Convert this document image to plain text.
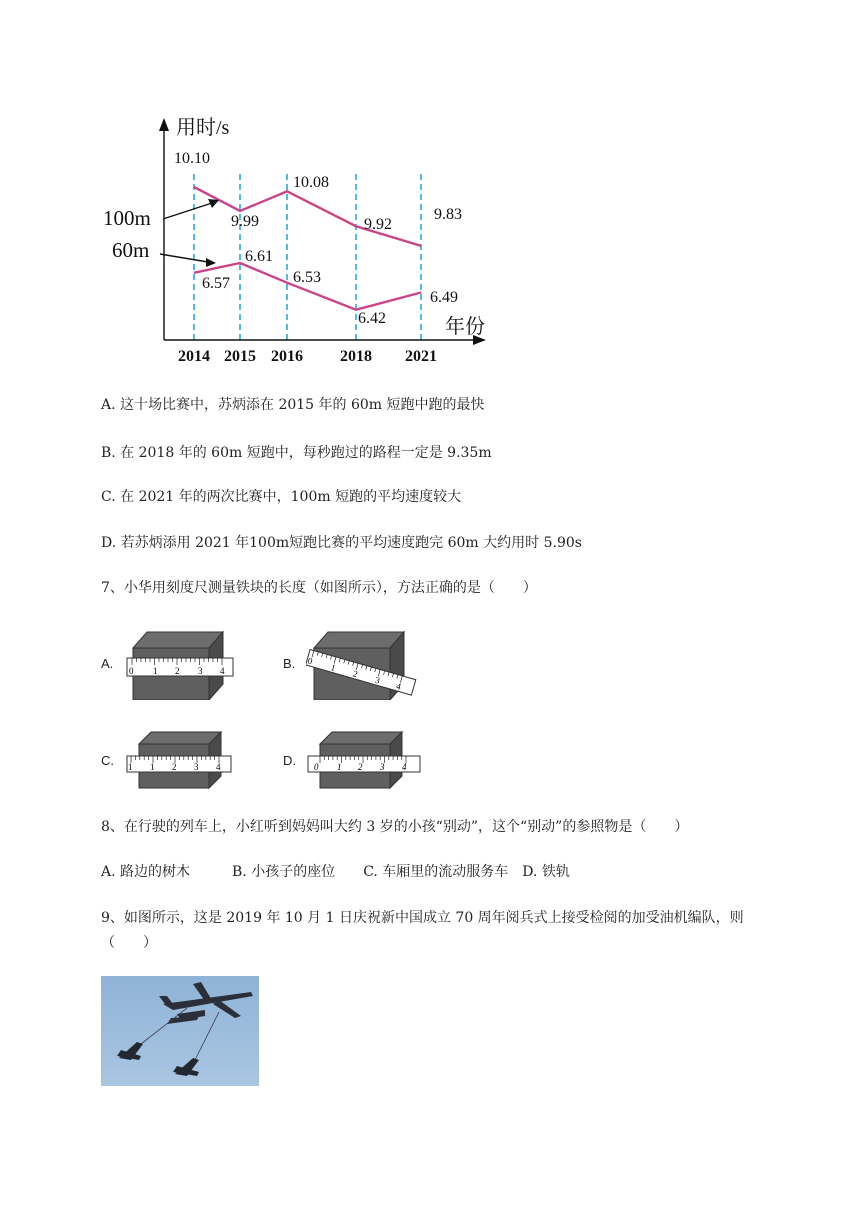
用时/s
年份
2014 2015 2016 2018 2021
10.10
9.99
10.08
9.92
9.83
6.57
6.61
6.53
6.42
6.49
100m
60m
A. 这十场比赛中，苏炳添在 2015 年的 60m 短跑中跑的最快
B. 在 2018 年的 60m 短跑中，每秒跑过的路程一定是 9.35m
C. 在 2021 年的两次比赛中，100m 短跑的平均速度较大
D. 若苏炳添用 2021 年100m短跑比赛的平均速度跑完 60m 大约用时 5.90s
7、小华用刻度尺测量铁块的长度（如图所示），方法正确的是（　　）
A.	B.
C.	D.
0 1 2 3 4
0
1
2
3
4
1 1 2 3 4	0 1 2 3 4
8、在行驶的列车上，小红听到妈妈叫大约 3 岁的小孩“别动”，这个“别动”的参照物是（　　）
A. 路边的树木　　　B. 小孩子的座位　　C. 车厢里的流动服务车　D. 铁轨
9、如图所示，这是 2019 年 10 月 1 日庆祝新中国成立 70 周年阅兵式上接受检阅的加受油机编队，则
（　　）
